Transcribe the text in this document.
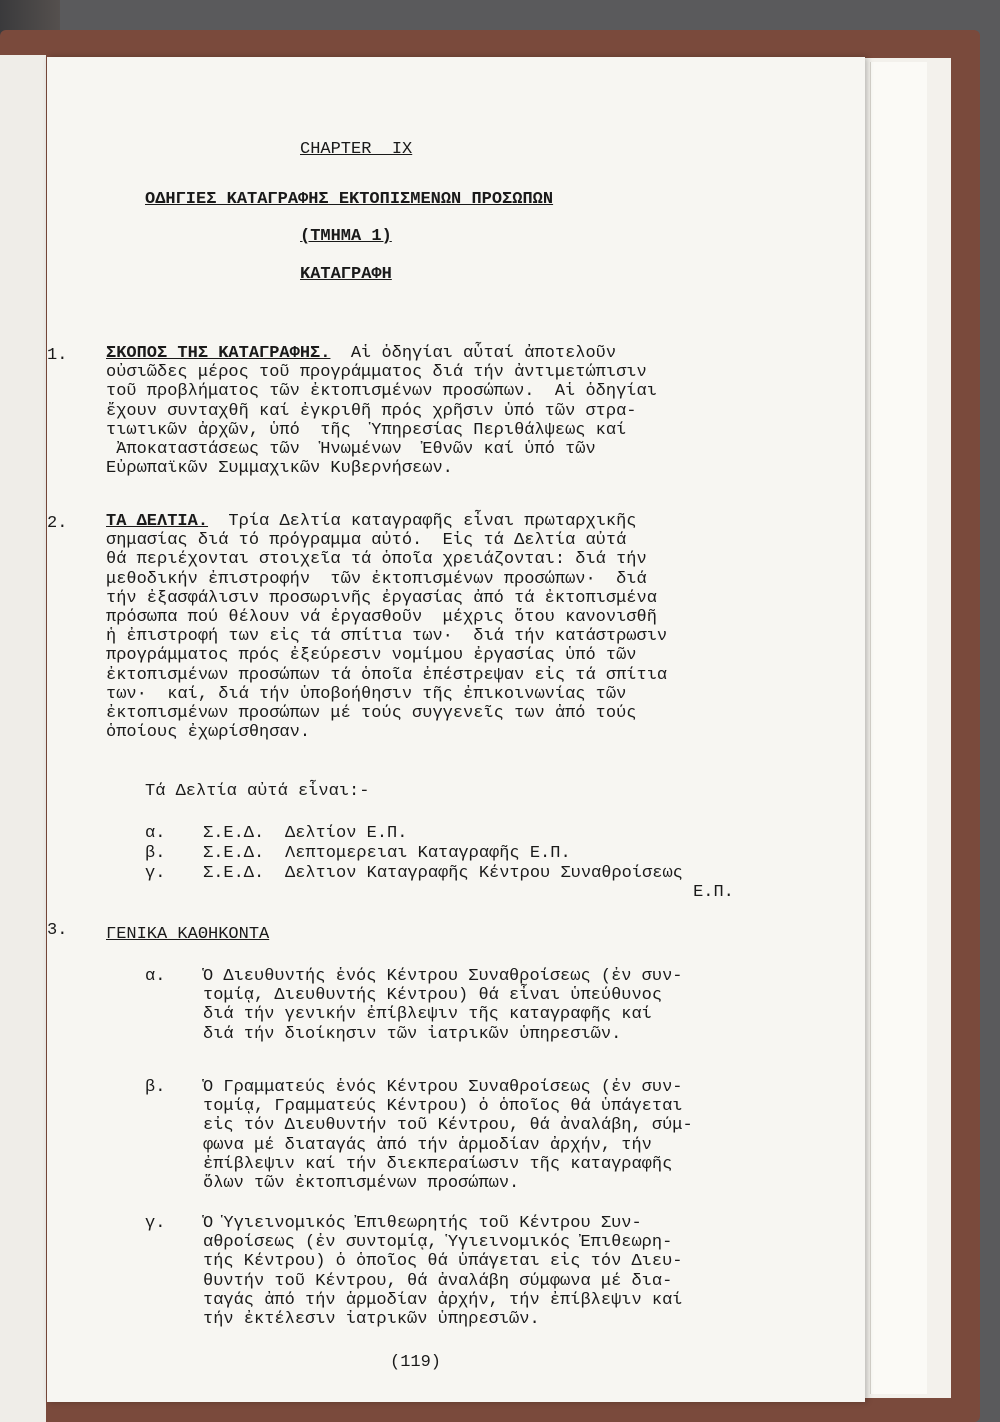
CHAPTER  IX
ΟΔΗΓΙΕΣ ΚΑΤΑΓΡΑΦΗΣ ΕΚΤΟΠΙΣΜΕΝΩΝ ΠΡΟΣΩΠΩΝ
(ΤΜΗΜΑ 1)
ΚΑΤΑΓΡΑΦΗ
1. ΣΚΟΠΟΣ ΤΗΣ ΚΑΤΑΓΡΑΦΗΣ.  Αἱ ὁδηγίαι αὗταί ἀποτελοῦν
οὐσιῶδες μέρος τοῦ προγράμματος διά τήν ἀντιμετώπισιν
τοῦ προβλήματος τῶν ἐκτοπισμένων προσώπων.  Αἱ ὁδηγίαι
ἔχουν συνταχθῆ καί ἐγκριθῆ πρός χρῆσιν ὑπό τῶν στρα-
τιωτικῶν ἀρχῶν, ὑπό  τῆς  Ὑπηρεσίας Περιθάλψεως καί
Ἀποκαταστάσεως τῶν  Ἡνωμένων  Ἐθνῶν καί ὑπό τῶν
Εὐρωπαϊκῶν Συμμαχικῶν Κυβερνήσεων.
2. ΤΑ ΔΕΛΤΙΑ.  Τρία Δελτία καταγραφῆς εἶναι πρωταρχικῆς
σημασίας διά τό πρόγραμμα αὐτό.  Εἰς τά Δελτία αὐτά
θά περιέχονται στοιχεῖα τά ὁποῖα χρειάζονται: διά τήν
μεθοδικήν ἐπιστροφήν  τῶν ἐκτοπισμένων προσώπων·  διά
τήν ἐξασφάλισιν προσωρινῆς ἐργασίας ἀπό τά ἐκτοπισμένα
πρόσωπα πού θέλουν νά ἐργασθοῦν  μέχρις ὅτου κανονισθῆ
ἡ ἐπιστροφή των εἰς τά σπίτια των·  διά τήν κατάστρωσιν
προγράμματος πρός ἐξεύρεσιν νομίμου ἐργασίας ὑπό τῶν
ἐκτοπισμένων προσώπων τά ὁποῖα ἐπέστρεψαν εἰς τά σπίτια
των·  καί, διά τήν ὑποβοήθησιν τῆς ἐπικοινωνίας τῶν
ἐκτοπισμένων προσώπων μέ τούς συγγενεῖς των ἀπό τούς
ὁποίους ἐχωρίσθησαν.
Τά Δελτία αὐτά εἶναι:-
α. Σ.Ε.Δ. Δελτίον Ε.Π.
β. Σ.Ε.Δ. Λεπτομερειαι Καταγραφῆς Ε.Π.
γ. Σ.Ε.Δ. Δελτιον Καταγραφῆς Κέντρου Συναθροίσεως
Ε.Π.
3. ΓΕΝΙΚΑ ΚΑΘΗΚΟΝΤΑ
α. Ὁ Διευθυντής ἑνός Κέντρου Συναθροίσεως (ἐν συν-
τομίᾳ, Διευθυντής Κέντρου) θά εἶναι ὑπεύθυνος
διά τήν γενικήν ἐπίβλεψιν τῆς καταγραφῆς καί
διά τήν διοίκησιν τῶν ἰατρικῶν ὑπηρεσιῶν.
β. Ὁ Γραμματεύς ἑνός Κέντρου Συναθροίσεως (ἐν συν-
τομίᾳ, Γραμματεύς Κέντρου) ὁ ὁποῖος θά ὑπάγεται
εἰς τόν Διευθυντήν τοῦ Κέντρου, θά ἀναλάβη, σύμ-
φωνα μέ διαταγάς ἀπό τήν ἁρμοδίαν ἀρχήν, τήν
ἐπίβλεψιν καί τήν διεκπεραίωσιν τῆς καταγραφῆς
ὅλων τῶν ἐκτοπισμένων προσώπων.
γ. Ὁ Ὑγιεινομικός Ἐπιθεωρητής τοῦ Κέντρου Συν-
αθροίσεως (ἐν συντομίᾳ, Ὑγιεινομικός Ἐπιθεωρη-
τής Κέντρου) ὁ ὁποῖος θά ὑπάγεται εἰς τόν Διευ-
θυντήν τοῦ Κέντρου, θά ἀναλάβη σύμφωνα μέ δια-
ταγάς ἀπό τήν ἁρμοδίαν ἀρχήν, τήν ἐπίβλεψιν καί
τήν ἐκτέλεσιν ἰατρικῶν ὑπηρεσιῶν.
(119)
